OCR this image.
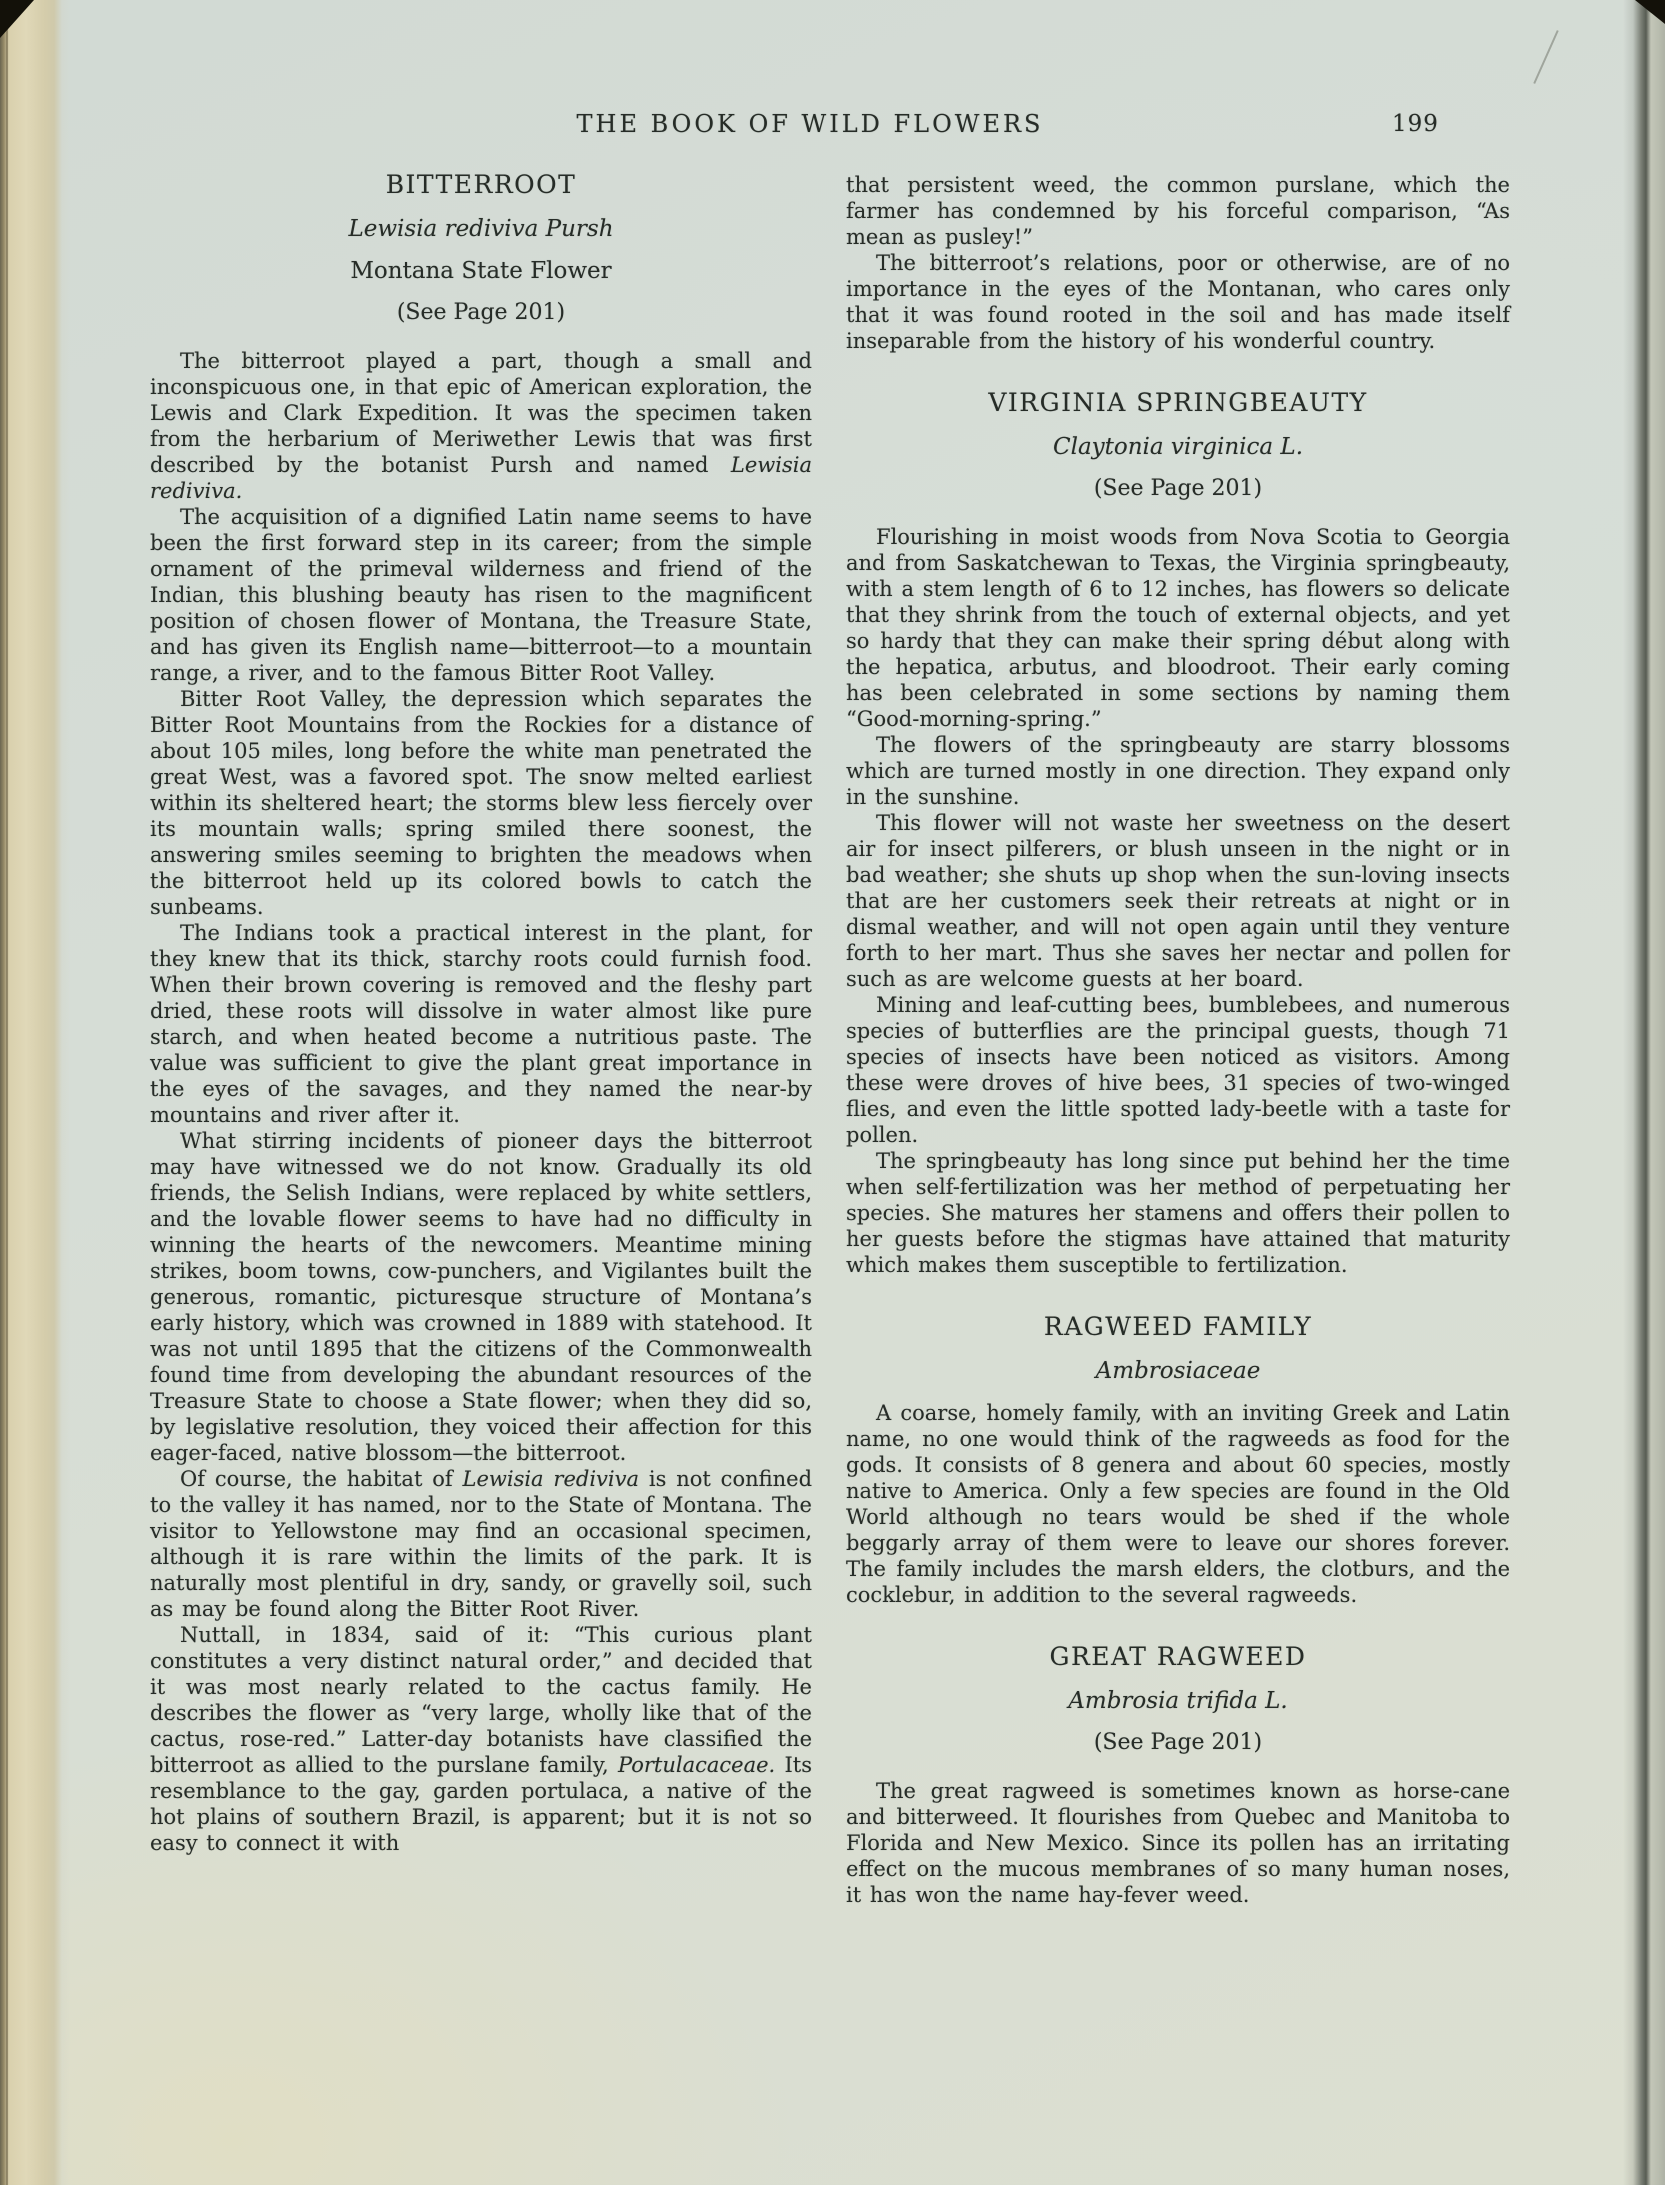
THE BOOK OF WILD FLOWERS	199
BITTERROOT
Lewisia rediviva Pursh
Montana State Flower
(See Page 201)

The bitterroot played a part, though a small and inconspicuous one, in that epic of American exploration, the Lewis and Clark Expedition. It was the specimen taken from the herbarium of Meriwether Lewis that was first described by the botanist Pursh and named Lewisia rediviva.

The acquisition of a dignified Latin name seems to have been the first forward step in its career; from the simple ornament of the primeval wilderness and friend of the Indian, this blushing beauty has risen to the magnificent position of chosen flower of Montana, the Treasure State, and has given its English name—bitterroot—to a mountain range, a river, and to the famous Bitter Root Valley.

Bitter Root Valley, the depression which separates the Bitter Root Mountains from the Rockies for a distance of about 105 miles, long before the white man penetrated the great West, was a favored spot. The snow melted earliest within its sheltered heart; the storms blew less fiercely over its mountain walls; spring smiled there soonest, the answering smiles seeming to brighten the meadows when the bitterroot held up its colored bowls to catch the sunbeams.

The Indians took a practical interest in the plant, for they knew that its thick, starchy roots could furnish food. When their brown covering is removed and the fleshy part dried, these roots will dissolve in water almost like pure starch, and when heated become a nutritious paste. The value was sufficient to give the plant great importance in the eyes of the savages, and they named the near-by mountains and river after it.

What stirring incidents of pioneer days the bitterroot may have witnessed we do not know. Gradually its old friends, the Selish Indians, were replaced by white settlers, and the lovable flower seems to have had no difficulty in winning the hearts of the newcomers. Meantime mining strikes, boom towns, cow-punchers, and Vigilantes built the generous, romantic, picturesque structure of Montana’s early history, which was crowned in 1889 with statehood. It was not until 1895 that the citizens of the Commonwealth found time from developing the abundant resources of the Treasure State to choose a State flower; when they did so, by legislative resolution, they voiced their affection for this eager-faced, native blossom—the bitterroot.

Of course, the habitat of Lewisia rediviva is not confined to the valley it has named, nor to the State of Montana. The visitor to Yellowstone may find an occasional specimen, although it is rare within the limits of the park. It is naturally most plentiful in dry, sandy, or gravelly soil, such as may be found along the Bitter Root River.

Nuttall, in 1834, said of it: “This curious plant constitutes a very distinct natural order,” and decided that it was most nearly related to the cactus family. He describes the flower as “very large, wholly like that of the cactus, rose-red.” Latter-day botanists have classified the bitterroot as allied to the purslane family, Portulacaceae. Its resemblance to the gay, garden portulaca, a native of the hot plains of southern Brazil, is apparent; but it is not so easy to connect it with

that persistent weed, the common purslane, which the farmer has condemned by his forceful comparison, “As mean as pusley!”

The bitterroot’s relations, poor or otherwise, are of no importance in the eyes of the Montanan, who cares only that it was found rooted in the soil and has made itself inseparable from the history of his wonderful country.

VIRGINIA SPRINGBEAUTY
Claytonia virginica L.
(See Page 201)

Flourishing in moist woods from Nova Scotia to Georgia and from Saskatchewan to Texas, the Virginia springbeauty, with a stem length of 6 to 12 inches, has flowers so delicate that they shrink from the touch of external objects, and yet so hardy that they can make their spring début along with the hepatica, arbutus, and bloodroot. Their early coming has been celebrated in some sections by naming them “Good-morning-spring.”

The flowers of the springbeauty are starry blossoms which are turned mostly in one direction. They expand only in the sunshine.

This flower will not waste her sweetness on the desert air for insect pilferers, or blush unseen in the night or in bad weather; she shuts up shop when the sun-loving insects that are her customers seek their retreats at night or in dismal weather, and will not open again until they venture forth to her mart. Thus she saves her nectar and pollen for such as are welcome guests at her board.

Mining and leaf-cutting bees, bumblebees, and numerous species of butterflies are the principal guests, though 71 species of insects have been noticed as visitors. Among these were droves of hive bees, 31 species of two-winged flies, and even the little spotted lady-beetle with a taste for pollen.

The springbeauty has long since put behind her the time when self-fertilization was her method of perpetuating her species. She matures her stamens and offers their pollen to her guests before the stigmas have attained that maturity which makes them susceptible to fertilization.

RAGWEED FAMILY
Ambrosiaceae

A coarse, homely family, with an inviting Greek and Latin name, no one would think of the ragweeds as food for the gods. It consists of 8 genera and about 60 species, mostly native to America. Only a few species are found in the Old World although no tears would be shed if the whole beggarly array of them were to leave our shores forever. The family includes the marsh elders, the clotburs, and the cocklebur, in addition to the several ragweeds.

GREAT RAGWEED
Ambrosia trifida L.
(See Page 201)

The great ragweed is sometimes known as horse-cane and bitterweed. It flourishes from Quebec and Manitoba to Florida and New Mexico. Since its pollen has an irritating effect on the mucous membranes of so many human noses, it has won the name hay-fever weed.
